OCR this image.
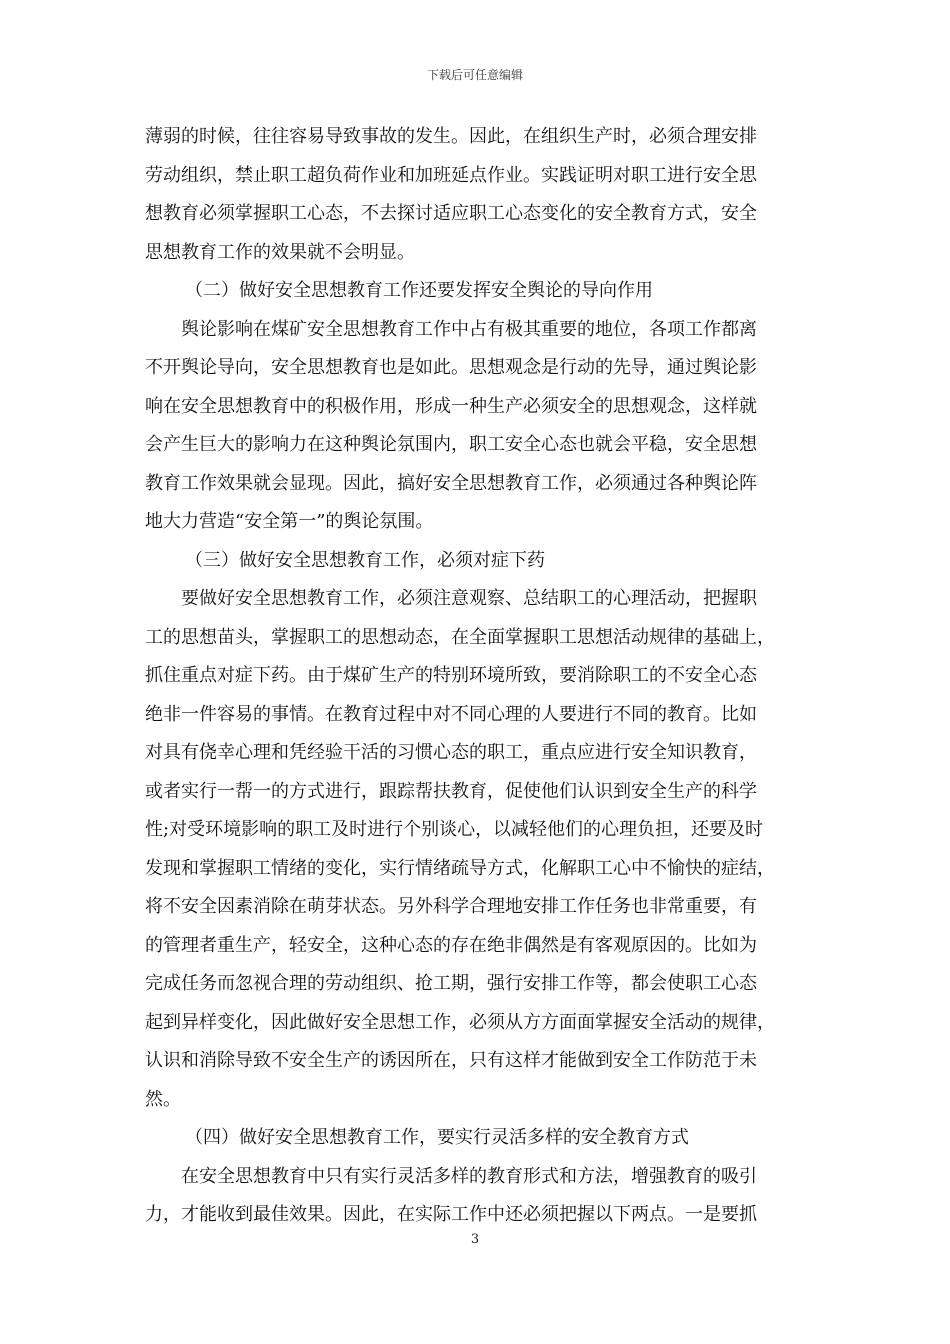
下载后可任意编辑

薄弱的时候，往往容易导致事故的发生。因此，在组织生产时，必须合理安排
劳动组织，禁止职工超负荷作业和加班延点作业。实践证明对职工进行安全思
想教育必须掌握职工心态，不去探讨适应职工心态变化的安全教育方式，安全
思想教育工作的效果就不会明显。

（二）做好安全思想教育工作还要发挥安全舆论的导向作用

　　舆论影响在煤矿安全思想教育工作中占有极其重要的地位，各项工作都离
不开舆论导向，安全思想教育也是如此。思想观念是行动的先导，通过舆论影
响在安全思想教育中的积极作用，形成一种生产必须安全的思想观念，这样就
会产生巨大的影响力在这种舆论氛围内，职工安全心态也就会平稳，安全思想
教育工作效果就会显现。因此，搞好安全思想教育工作，必须通过各种舆论阵
地大力营造“安全第一”的舆论氛围。

（三）做好安全思想教育工作，必须对症下药

　　要做好安全思想教育工作，必须注意观察、总结职工的心理活动，把握职
工的思想苗头，掌握职工的思想动态，在全面掌握职工思想活动规律的基础上，
抓住重点对症下药。由于煤矿生产的特别环境所致，要消除职工的不安全心态
绝非一件容易的事情。在教育过程中对不同心理的人要进行不同的教育。比如
对具有侥幸心理和凭经验干活的习惯心态的职工，重点应进行安全知识教育，
或者实行一帮一的方式进行，跟踪帮扶教育，促使他们认识到安全生产的科学
性;对受环境影响的职工及时进行个别谈心，以减轻他们的心理负担，还要及时
发现和掌握职工情绪的变化，实行情绪疏导方式，化解职工心中不愉快的症结，
将不安全因素消除在萌芽状态。另外科学合理地安排工作任务也非常重要，有
的管理者重生产，轻安全，这种心态的存在绝非偶然是有客观原因的。比如为
完成任务而忽视合理的劳动组织、抢工期，强行安排工作等，都会使职工心态
起到异样变化，因此做好安全思想工作，必须从方方面面掌握安全活动的规律，
认识和消除导致不安全生产的诱因所在，只有这样才能做到安全工作防范于未
然。

（四）做好安全思想教育工作，要实行灵活多样的安全教育方式

　　在安全思想教育中只有实行灵活多样的教育形式和方法，增强教育的吸引
力，才能收到最佳效果。因此，在实际工作中还必须把握以下两点。一是要抓

3
